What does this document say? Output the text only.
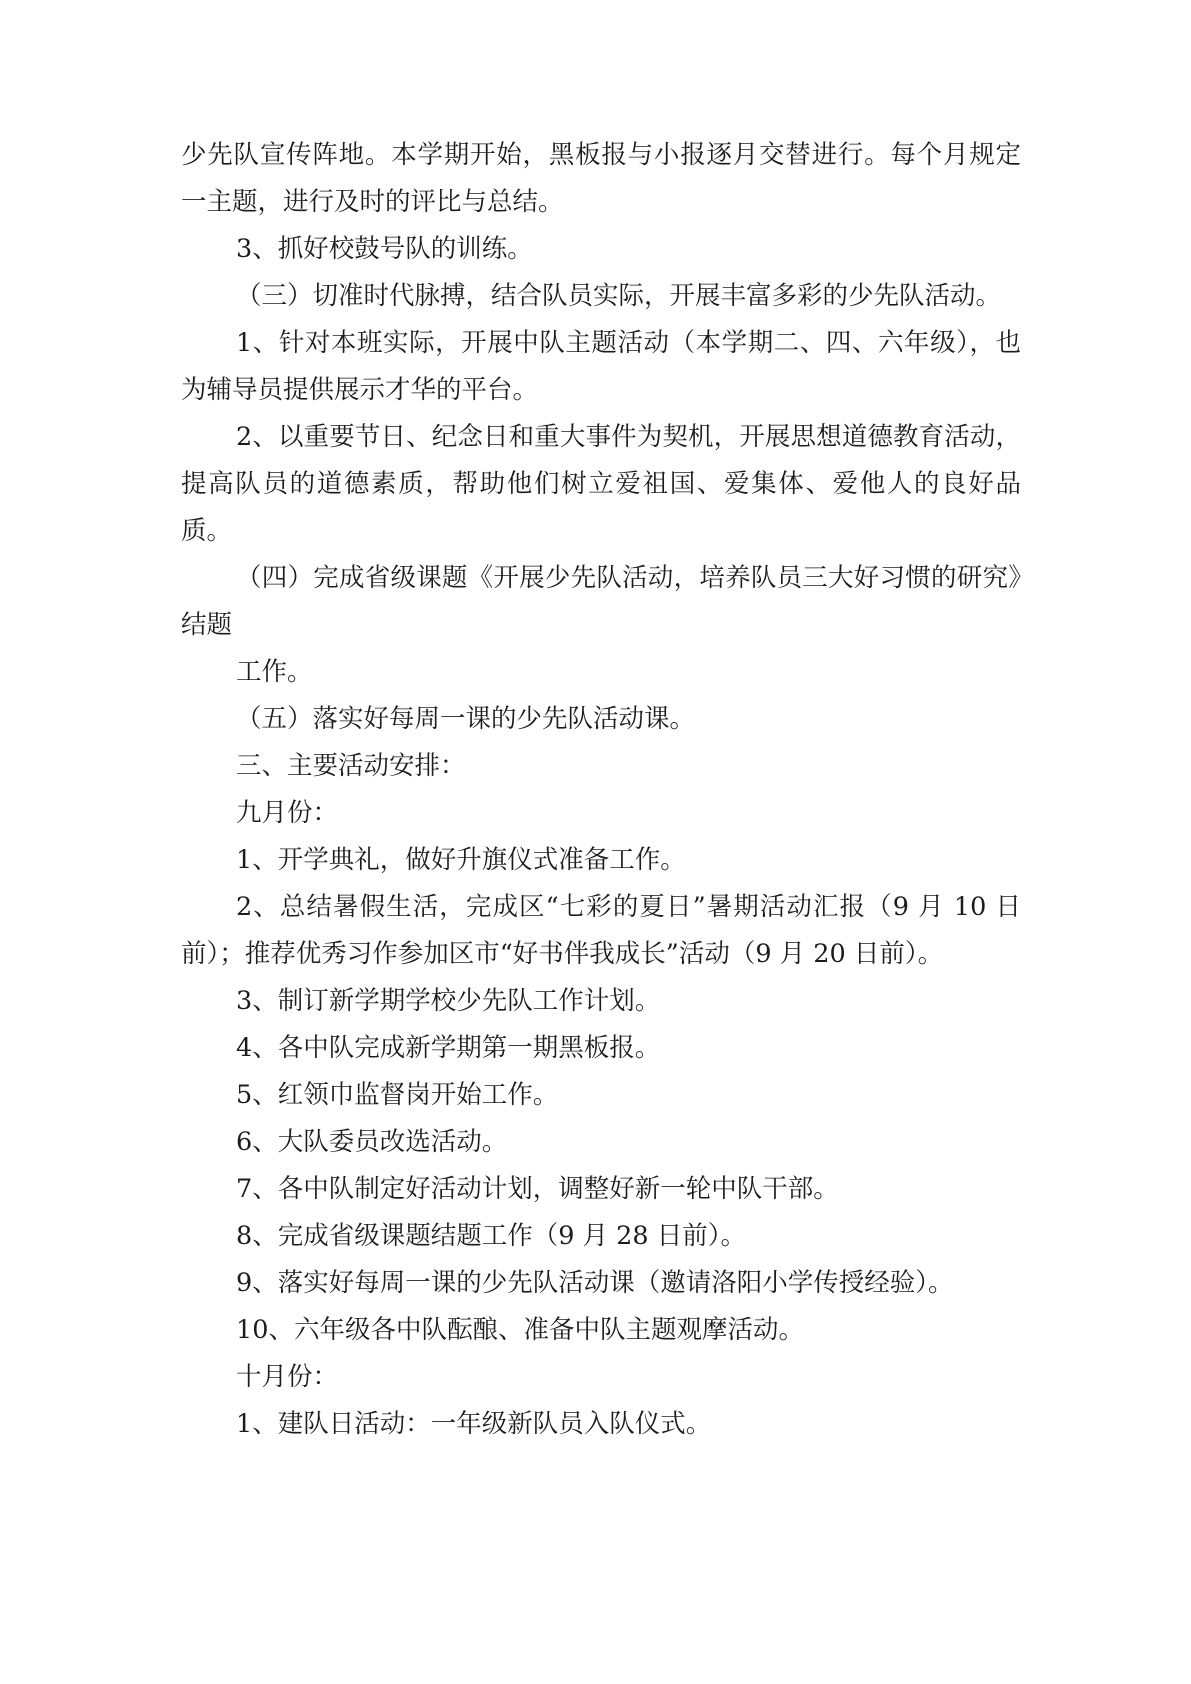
少先队宣传阵地。本学期开始，黑板报与小报逐月交替进行。每个月规定一主题，进行及时的评比与总结。

3、抓好校鼓号队的训练。

（三）切准时代脉搏，结合队员实际，开展丰富多彩的少先队活动。

1、针对本班实际，开展中队主题活动（本学期二、四、六年级），也为辅导员提供展示才华的平台。

2、以重要节日、纪念日和重大事件为契机，开展思想道德教育活动，提高队员的道德素质，帮助他们树立爱祖国、爱集体、爱他人的良好品质。

（四）完成省级课题《开展少先队活动，培养队员三大好习惯的研究》结题

工作。

（五）落实好每周一课的少先队活动课。

三、主要活动安排：

九月份：

1、开学典礼，做好升旗仪式准备工作。

2、总结暑假生活，完成区“七彩的夏日”暑期活动汇报（9 月 10 日前）；推荐优秀习作参加区市“好书伴我成长”活动（9 月 20 日前）。

3、制订新学期学校少先队工作计划。

4、各中队完成新学期第一期黑板报。

5、红领巾监督岗开始工作。

6、大队委员改选活动。

7、各中队制定好活动计划，调整好新一轮中队干部。

8、完成省级课题结题工作（9 月 28 日前）。

9、落实好每周一课的少先队活动课（邀请洛阳小学传授经验）。

10、六年级各中队酝酿、准备中队主题观摩活动。

十月份：

1、建队日活动：一年级新队员入队仪式。
